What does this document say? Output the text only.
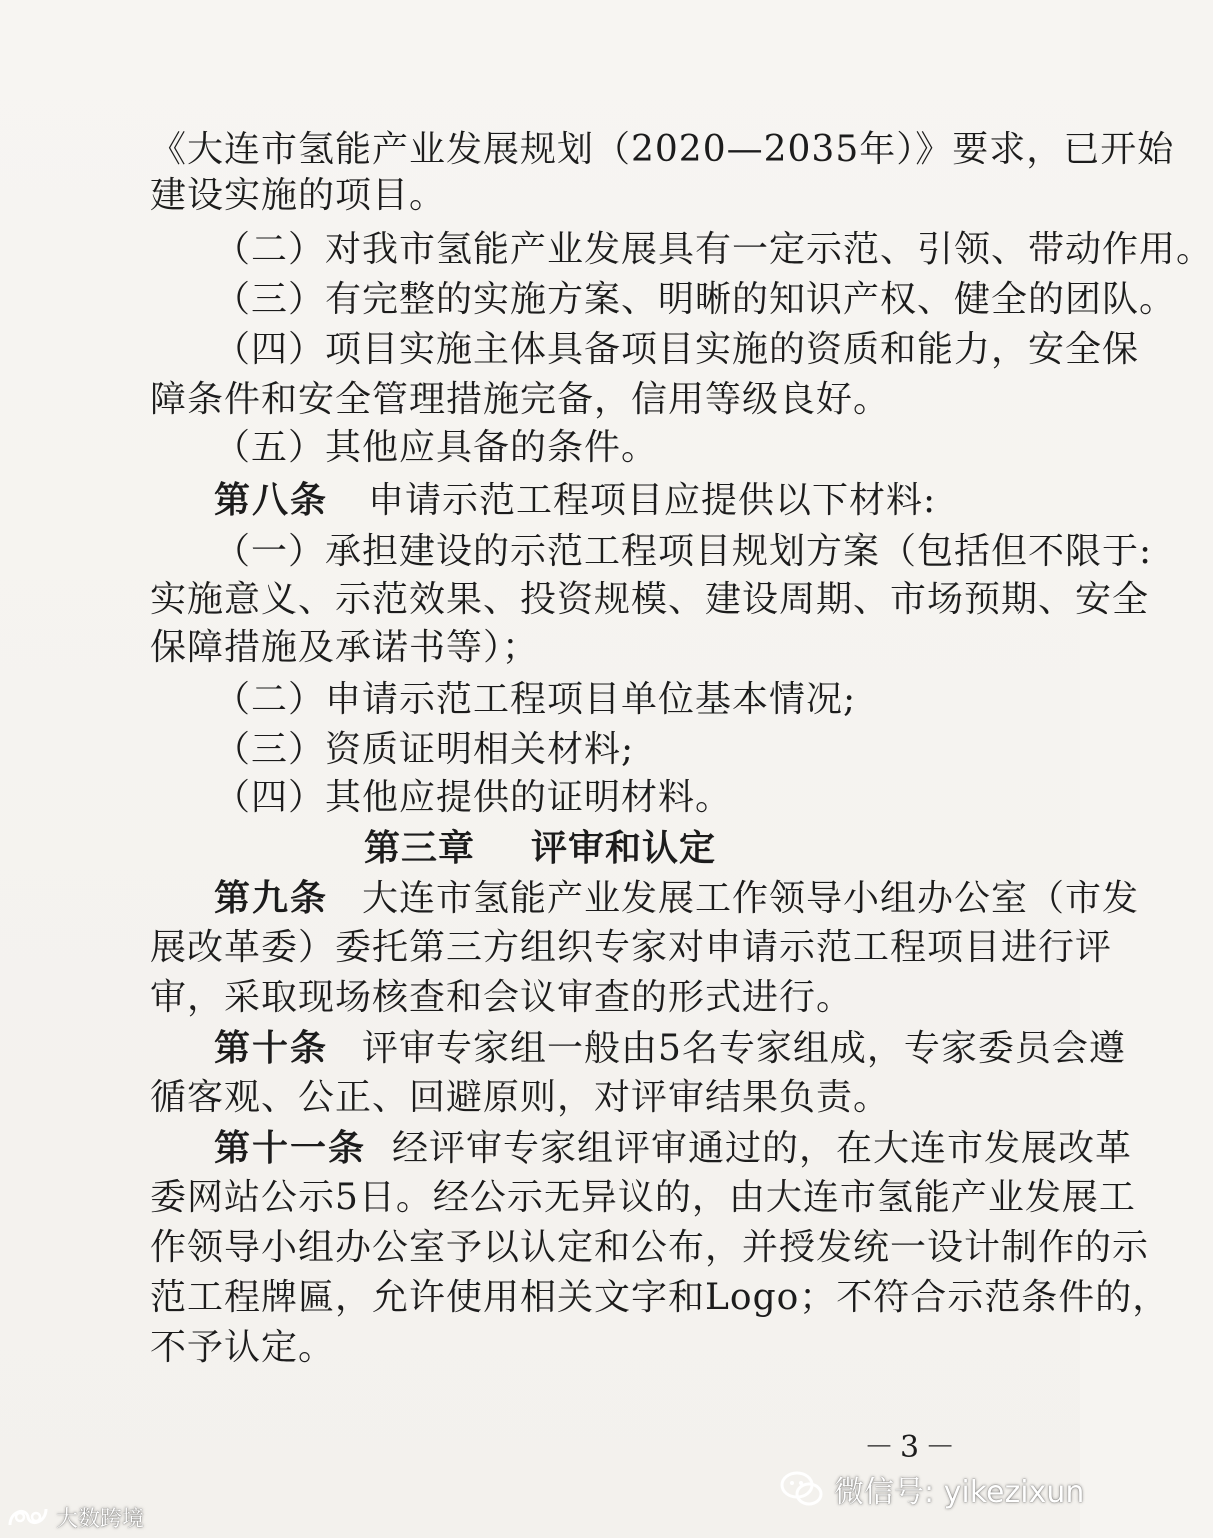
《大连市氢能产业发展规划（2020—2035年）》要求，已开始
建设实施的项目。
（二）对我市氢能产业发展具有一定示范、引领、带动作用。
（三）有完整的实施方案、明晰的知识产权、健全的团队。
（四）项目实施主体具备项目实施的资质和能力，安全保
障条件和安全管理措施完备，信用等级良好。
（五）其他应具备的条件。
第八条 申请示范工程项目应提供以下材料:
（一）承担建设的示范工程项目规划方案（包括但不限于:
实施意义、示范效果、投资规模、建设周期、市场预期、安全
保障措施及承诺书等）；
（二）申请示范工程项目单位基本情况;
（三）资质证明相关材料;
（四）其他应提供的证明材料。
第三章 评审和认定
第九条 大连市氢能产业发展工作领导小组办公室（市发
展改革委）委托第三方组织专家对申请示范工程项目进行评
审，采取现场核查和会议审查的形式进行。
第十条 评审专家组一般由5名专家组成，专家委员会遵
循客观、公正、回避原则，对评审结果负责。
第十一条 经评审专家组评审通过的，在大连市发展改革
委网站公示5日。经公示无异议的，由大连市氢能产业发展工
作领导小组办公室予以认定和公布，并授发统一设计制作的示
范工程牌匾，允许使用相关文字和Logo；不符合示范条件的，
不予认定。
－3－
微信号: yikezixun
大数跨境
